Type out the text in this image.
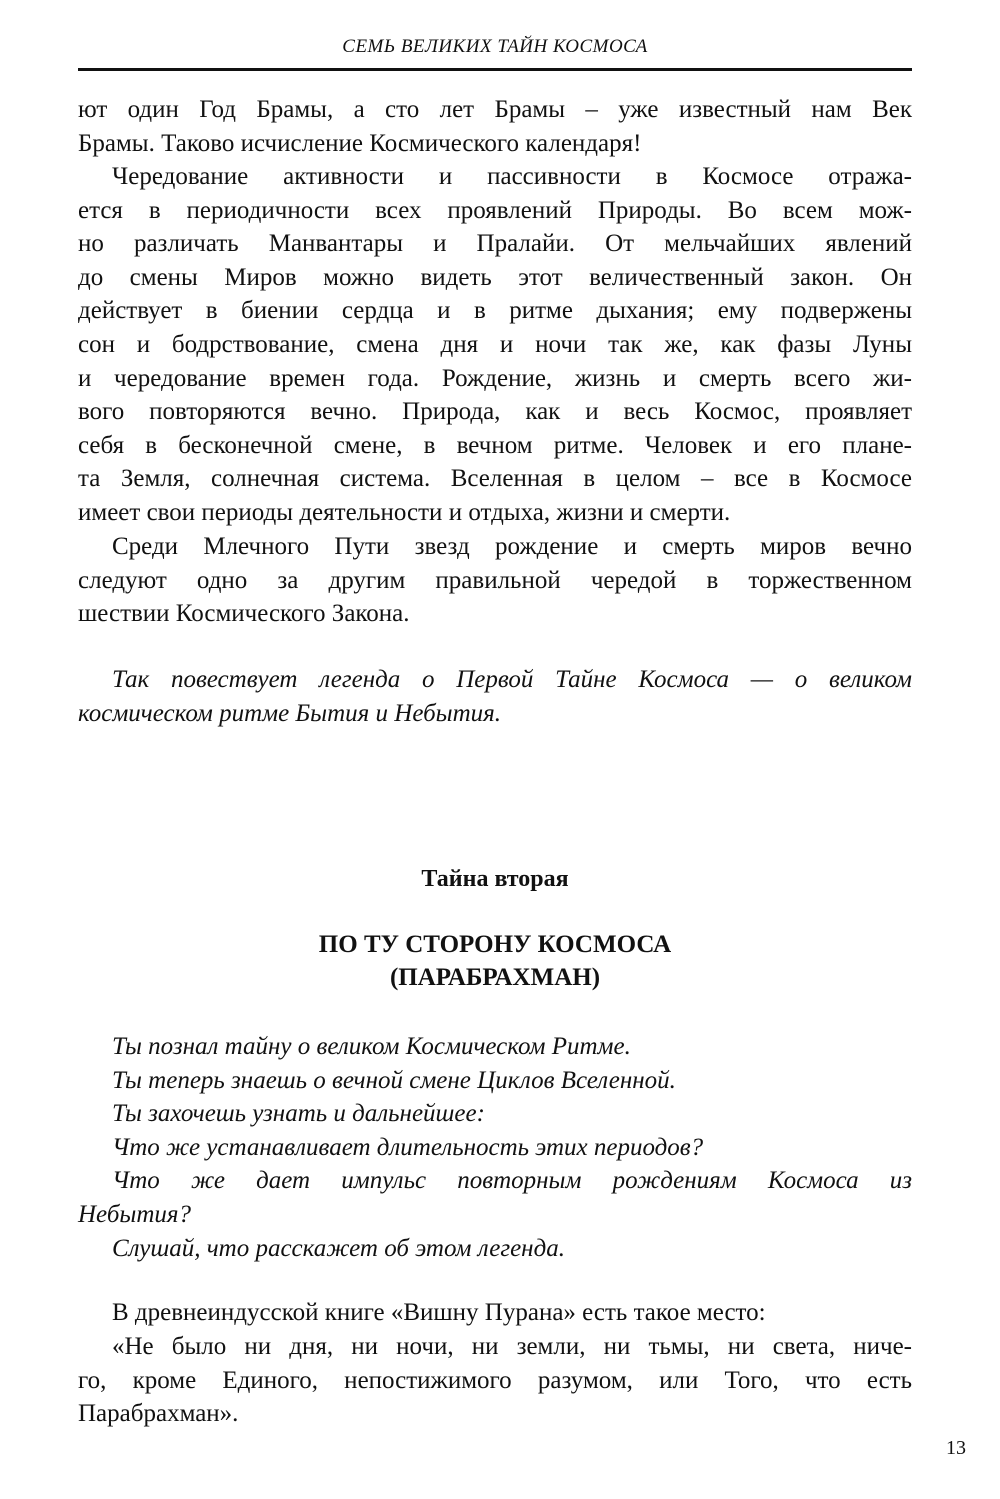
СЕМЬ ВЕЛИКИХ ТАЙН КОСМОСА
ют один Год Брамы, а сто лет Брамы – уже известный нам Век
Брамы. Таково исчисление Космического календаря!
Чередование активности и пассивности в Космосе отража-
ется в периодичности всех проявлений Природы. Во всем мож-
но различать Манвантары и Пралайи. От мельчайших явлений
до смены Миров можно видеть этот величественный закон. Он
действует в биении сердца и в ритме дыхания; ему подвержены
сон и бодрствование, смена дня и ночи так же, как фазы Луны
и чередование времен года. Рождение, жизнь и смерть всего жи-
вого повторяются вечно. Природа, как и весь Космос, проявляет
себя в бесконечной смене, в вечном ритме. Человек и его плане-
та Земля, солнечная система. Вселенная в целом – все в Космосе
имеет свои периоды деятельности и отдыха, жизни и смерти.
Среди Млечного Пути звезд рождение и смерть миров вечно
следуют одно за другим правильной чередой в торжественном
шествии Космического Закона.
Так повествует легенда о Первой Тайне Космоса — о великом
космическом ритме Бытия и Небытия.
Тайна вторая
ПО ТУ СТОРОНУ КОСМОСА
(ПАРАБРАХМАН)
Ты познал тайну о великом Космическом Ритме.
Ты теперь знаешь о вечной смене Циклов Вселенной.
Ты захочешь узнать и дальнейшее:
Что же устанавливает длительность этих периодов?
Что же дает импульс повторным рождениям Космоса из
Небытия?
Слушай, что расскажет об этом легенда.
В древнеиндусской книге «Вишну Пурана» есть такое место:
«Не было ни дня, ни ночи, ни земли, ни тьмы, ни света, ниче-
го, кроме Единого, непостижимого разумом, или Того, что есть
Парабрахман».
13
